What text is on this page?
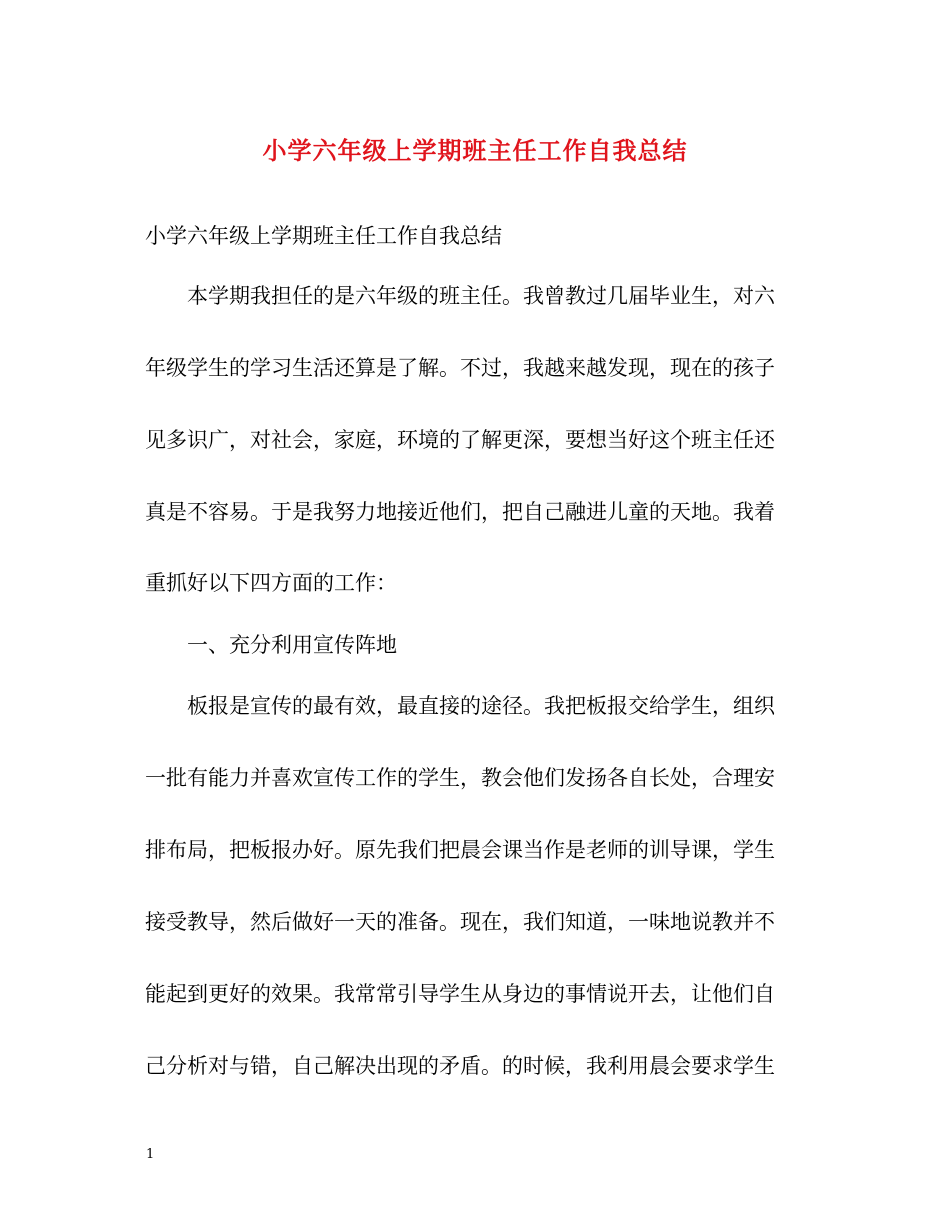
小学六年级上学期班主任工作自我总结
小学六年级上学期班主任工作自我总结
本学期我担任的是六年级的班主任。我曾教过几届毕业生，对六
年级学生的学习生活还算是了解。不过，我越来越发现，现在的孩子
见多识广，对社会，家庭，环境的了解更深，要想当好这个班主任还
真是不容易。于是我努力地接近他们，把自己融进儿童的天地。我着
重抓好以下四方面的工作：
一、充分利用宣传阵地
板报是宣传的最有效，最直接的途径。我把板报交给学生，组织
一批有能力并喜欢宣传工作的学生，教会他们发扬各自长处，合理安
排布局，把板报办好。原先我们把晨会课当作是老师的训导课，学生
接受教导，然后做好一天的准备。现在，我们知道，一味地说教并不
能起到更好的效果。我常常引导学生从身边的事情说开去，让他们自
己分析对与错，自己解决出现的矛盾。的时候，我利用晨会要求学生
1
